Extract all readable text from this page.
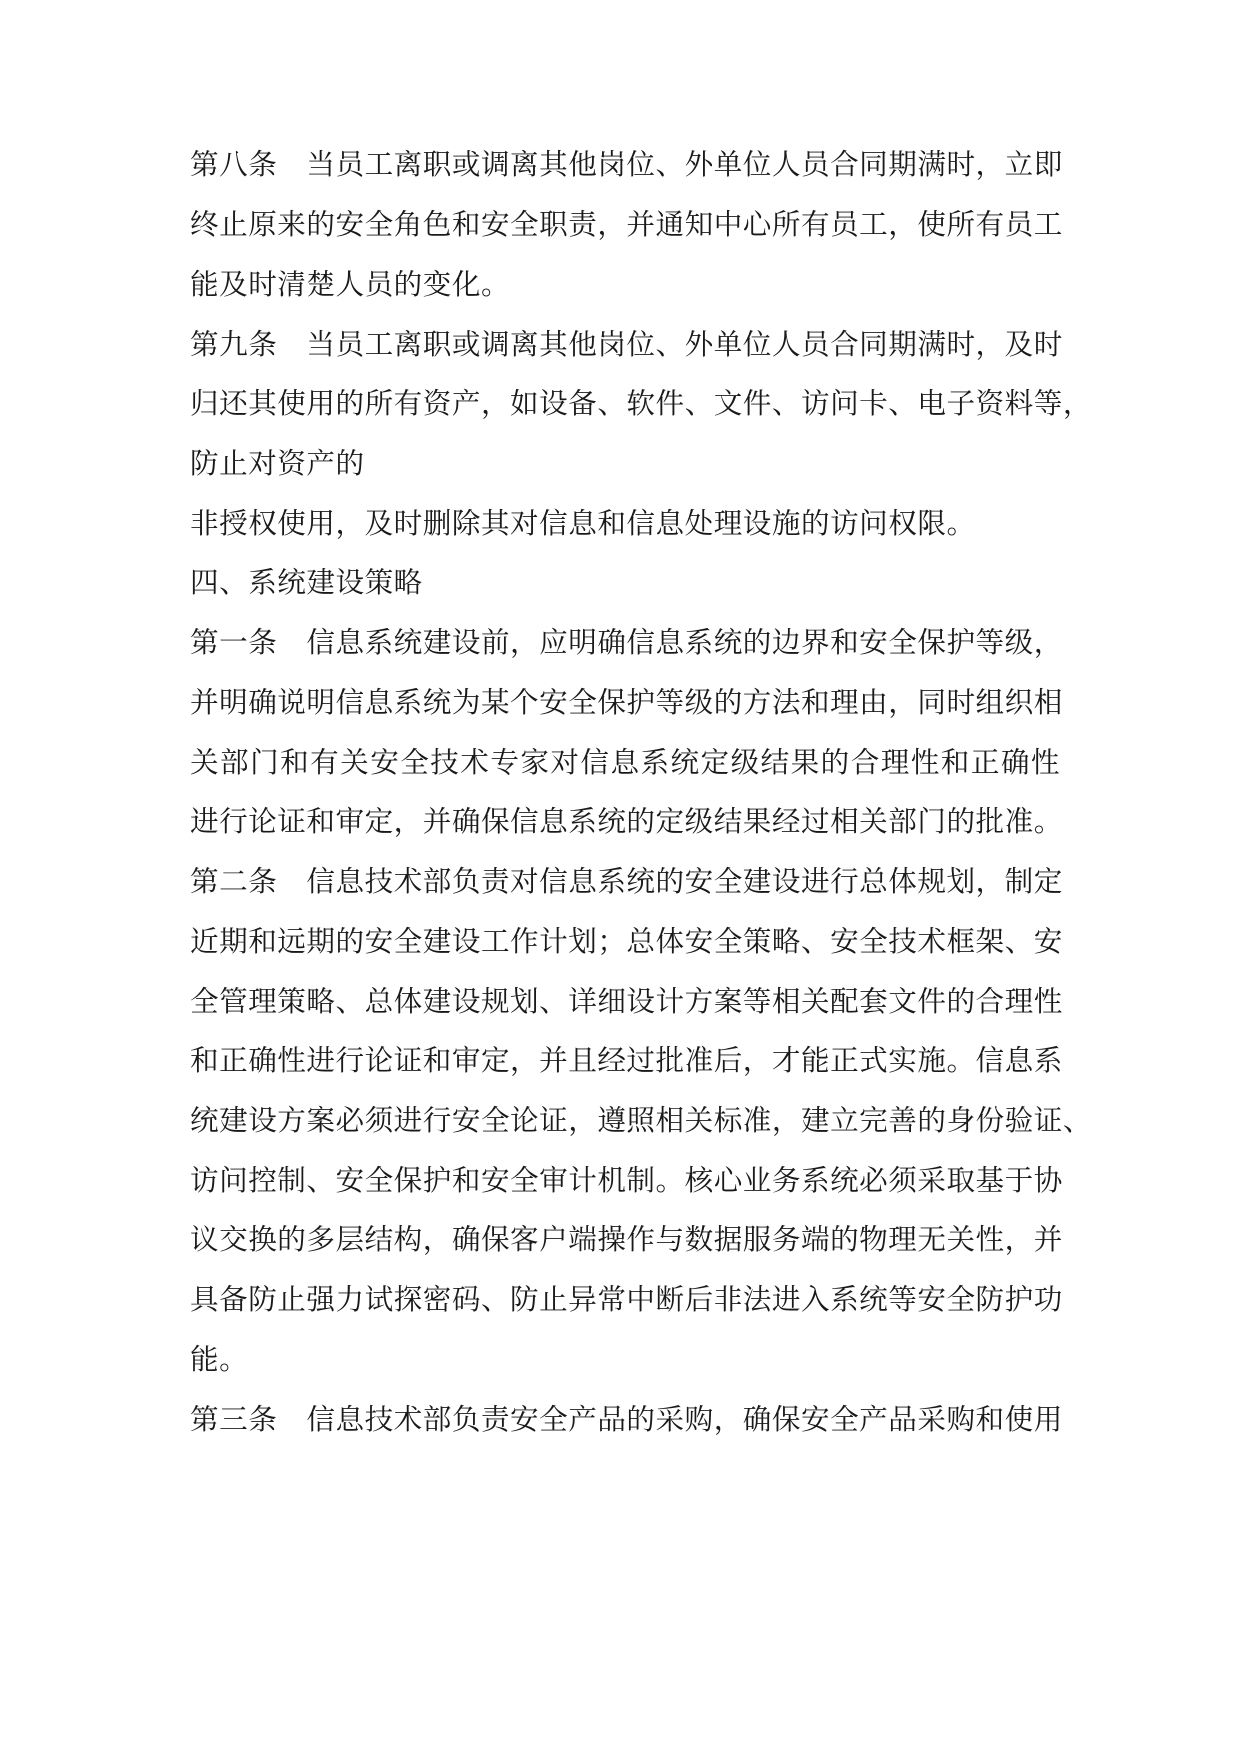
第八条　当员工离职或调离其他岗位、外单位人员合同期满时，立即
终止原来的安全角色和安全职责，并通知中心所有员工，使所有员工
能及时清楚人员的变化。
第九条　当员工离职或调离其他岗位、外单位人员合同期满时，及时
归还其使用的所有资产，如设备、软件、文件、访问卡、电子资料等，
防止对资产的
非授权使用，及时删除其对信息和信息处理设施的访问权限。
四、系统建设策略
第一条　信息系统建设前，应明确信息系统的边界和安全保护等级，
并明确说明信息系统为某个安全保护等级的方法和理由，同时组织相
关部门和有关安全技术专家对信息系统定级结果的合理性和正确性
进行论证和审定，并确保信息系统的定级结果经过相关部门的批准。
第二条　信息技术部负责对信息系统的安全建设进行总体规划，制定
近期和远期的安全建设工作计划；总体安全策略、安全技术框架、安
全管理策略、总体建设规划、详细设计方案等相关配套文件的合理性
和正确性进行论证和审定，并且经过批准后，才能正式实施。信息系
统建设方案必须进行安全论证，遵照相关标准，建立完善的身份验证、
访问控制、安全保护和安全审计机制。核心业务系统必须采取基于协
议交换的多层结构，确保客户端操作与数据服务端的物理无关性，并
具备防止强力试探密码、防止异常中断后非法进入系统等安全防护功
能。
第三条　信息技术部负责安全产品的采购，确保安全产品采购和使用
